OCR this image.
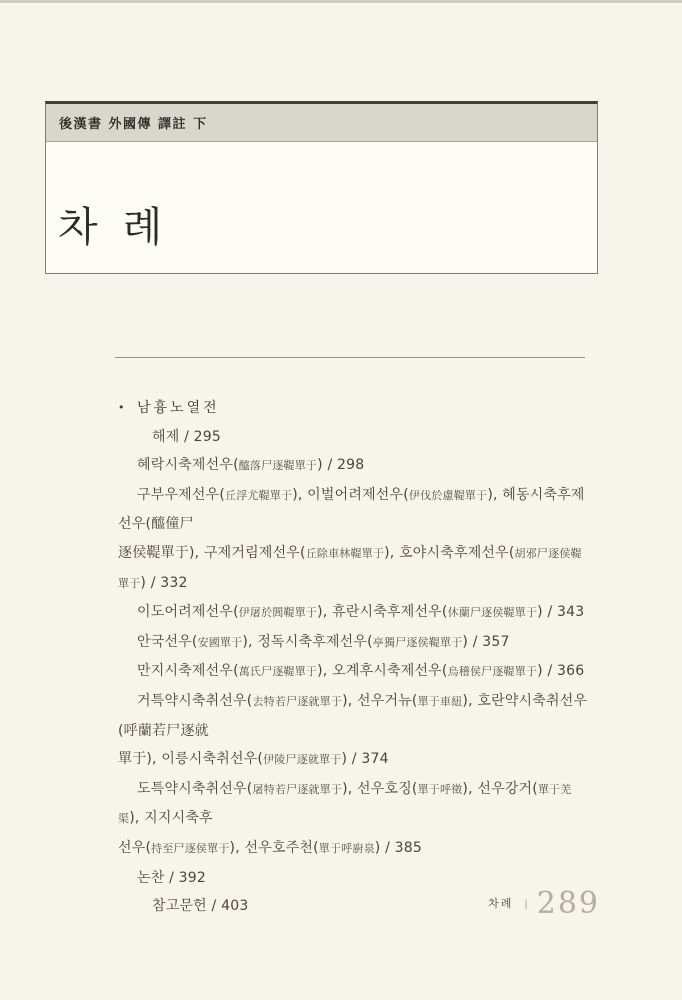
後漢書 外國傳 譯註 下
차 례
• 남흉노열전
해제 / 295
혜락시축제선우(醯落尸逐鞮單于) / 298
구부우제선우(丘浮尤鞮單于), 이벌어려제선우(伊伐於慮鞮單于), 혜동시축후제선우(醯僮尸
逐侯鞮單于), 구제거림제선우(丘除車林鞮單于), 호야시축후제선우(胡邪尸逐侯鞮單于) / 332
이도어려제선우(伊屠於閭鞮單于), 휴란시축후제선우(休蘭尸逐侯鞮單于) / 343
안국선우(安國單于), 정독시축후제선우(亭獨尸逐侯鞮單于) / 357
만지시축제선우(萬氏尸逐鞮單于), 오계후시축제선우(烏稽侯尸逐鞮單于) / 366
거특약시축취선우(去特若尸逐就單于), 선우거뉴(單于車紐), 호란약시축취선우(呼蘭若尸逐就
單于), 이릉시축취선우(伊陵尸逐就單于) / 374
도특약시축취선우(屠特若尸逐就單于), 선우호징(單于呼徵), 선우강거(單于羌渠), 지지시축후
선우(持至尸逐侯單于), 선우호주천(單于呼廚泉) / 385
논찬 / 392
참고문헌 / 403	$^{차례}$ | 289
